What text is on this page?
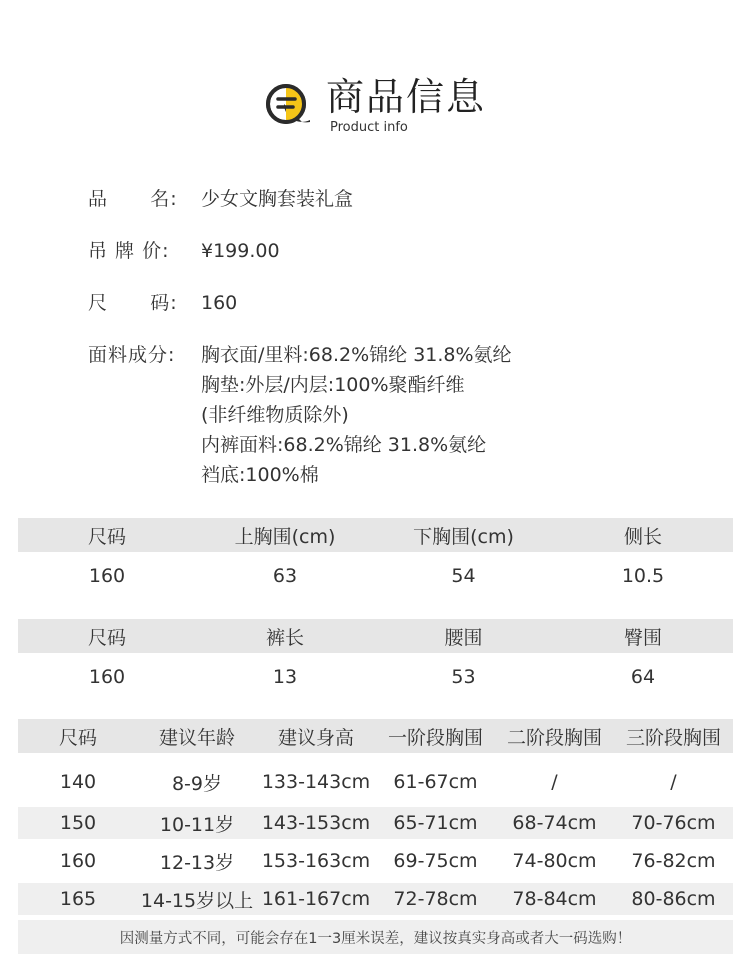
商品信息
Product info
品      名:	少女文胸套装礼盒
吊 牌 价:	¥199.00
尺      码:	160
面料成分:	胸衣面/里料:68.2%锦纶 31.8%氨纶
胸垫:外层/内层:100%聚酯纤维
(非纤维物质除外)
内裤面料:68.2%锦纶 31.8%氨纶
裆底:100%棉
尺码	上胸围(cm)	下胸围(cm)	侧长
160	63	54	10.5
尺码	裤长	腰围	臀围
160	13	53	64
尺码	建议年龄	建议身高	一阶段胸围	二阶段胸围	三阶段胸围
140	8-9岁	133-143cm	61-67cm	/	/
150	10-11岁	143-153cm	65-71cm	68-74cm	70-76cm
160	12-13岁	153-163cm	69-75cm	74-80cm	76-82cm
165	14-15岁以上 161-167cm	72-78cm	78-84cm	80-86cm
因测量方式不同，可能会存在1一3厘米误差，建议按真实身高或者大一码选购！
